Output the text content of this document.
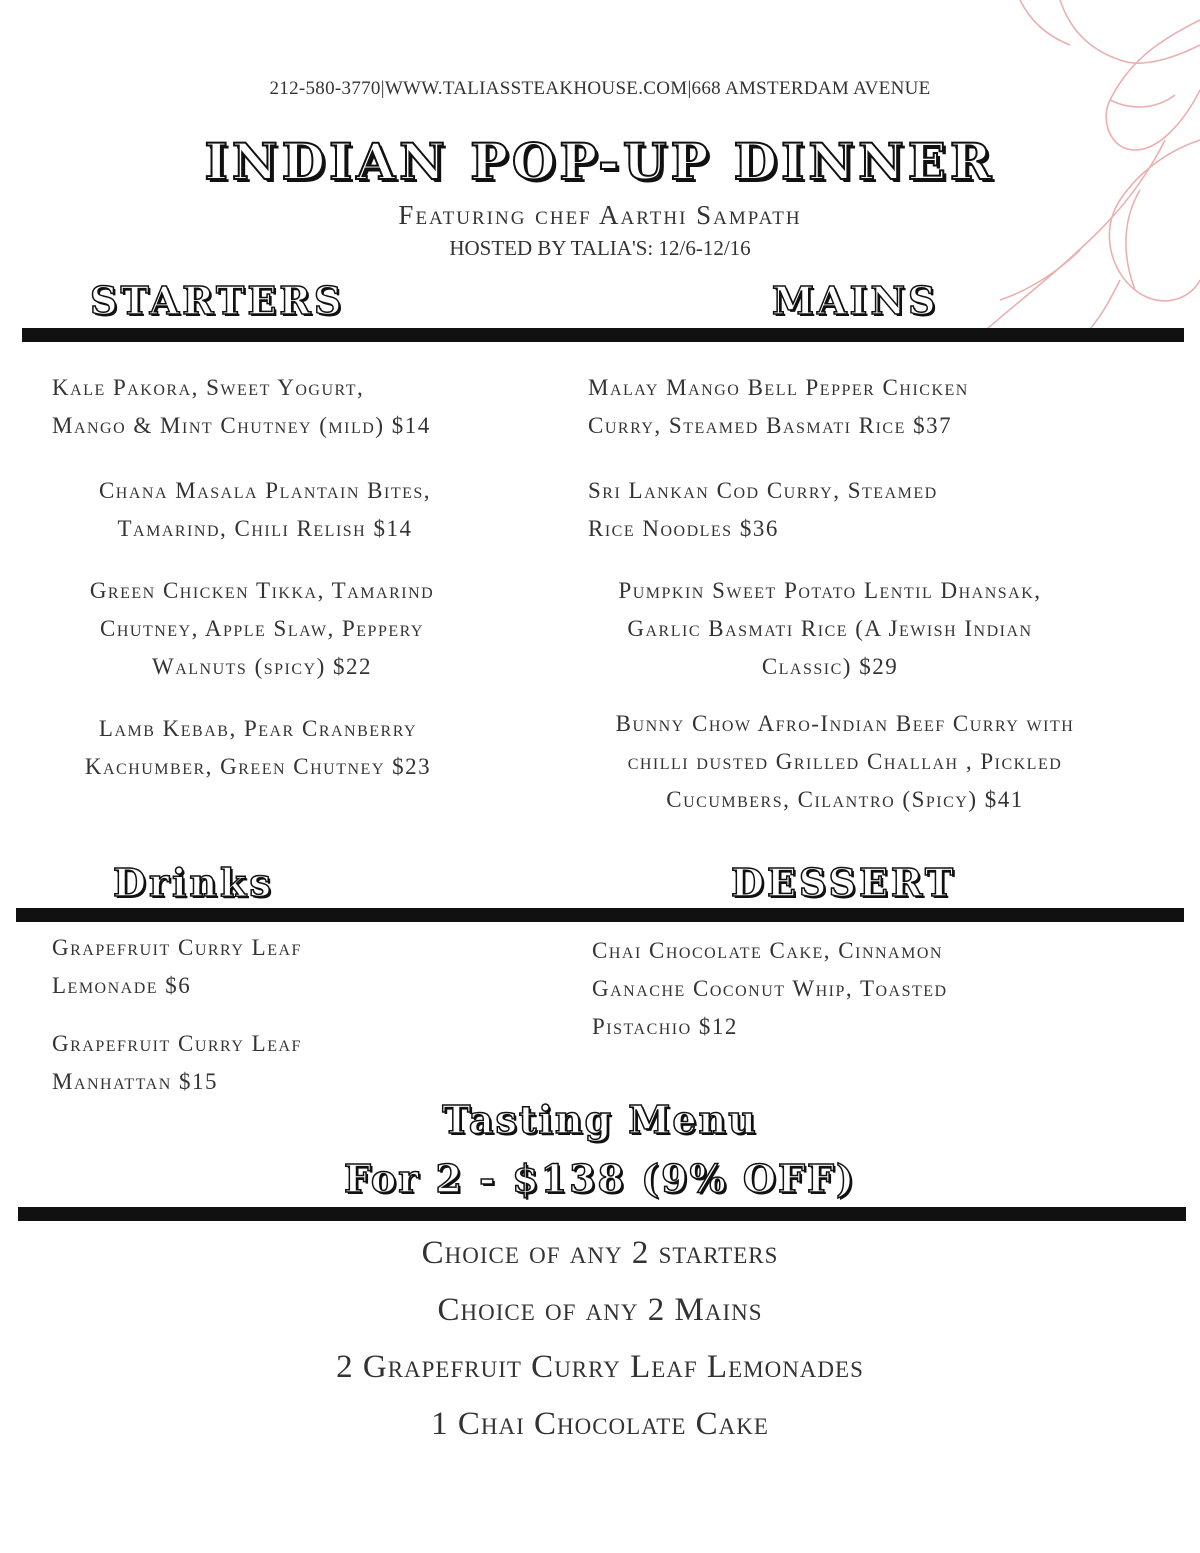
212-580-3770|WWW.TALIASSTEAKHOUSE.COM|668 AMSTERDAM AVENUE
INDIAN POP-UP DINNER
Featuring chef Aarthi Sampath
HOSTED BY TALIA'S: 12/6-12/16
STARTERS	MAINS
Kale Pakora, Sweet Yogurt,
Mango & Mint Chutney (mild) $14
Chana Masala Plantain Bites,
Tamarind, Chili Relish $14
Green Chicken Tikka, Tamarind
Chutney, Apple Slaw, Peppery
Walnuts (spicy) $22
Lamb Kebab, Pear Cranberry
Kachumber, Green Chutney $23
Malay Mango Bell Pepper Chicken
Curry, Steamed Basmati Rice $37
Sri Lankan Cod Curry, Steamed
Rice Noodles $36
Pumpkin Sweet Potato Lentil Dhansak,
Garlic Basmati Rice (A Jewish Indian
Classic) $29
Bunny Chow Afro-Indian Beef Curry with
chilli dusted Grilled Challah , Pickled
Cucumbers, Cilantro (Spicy) $41
Drinks	DESSERT
Grapefruit Curry Leaf
Lemonade $6
Grapefruit Curry Leaf
Manhattan $15
Chai Chocolate Cake, Cinnamon
Ganache Coconut Whip, Toasted
Pistachio $12
Tasting Menu
For 2 - $138 (9% OFF)
Choice of any 2 starters
Choice of any 2 Mains
2 Grapefruit Curry Leaf Lemonades
1 Chai Chocolate Cake
